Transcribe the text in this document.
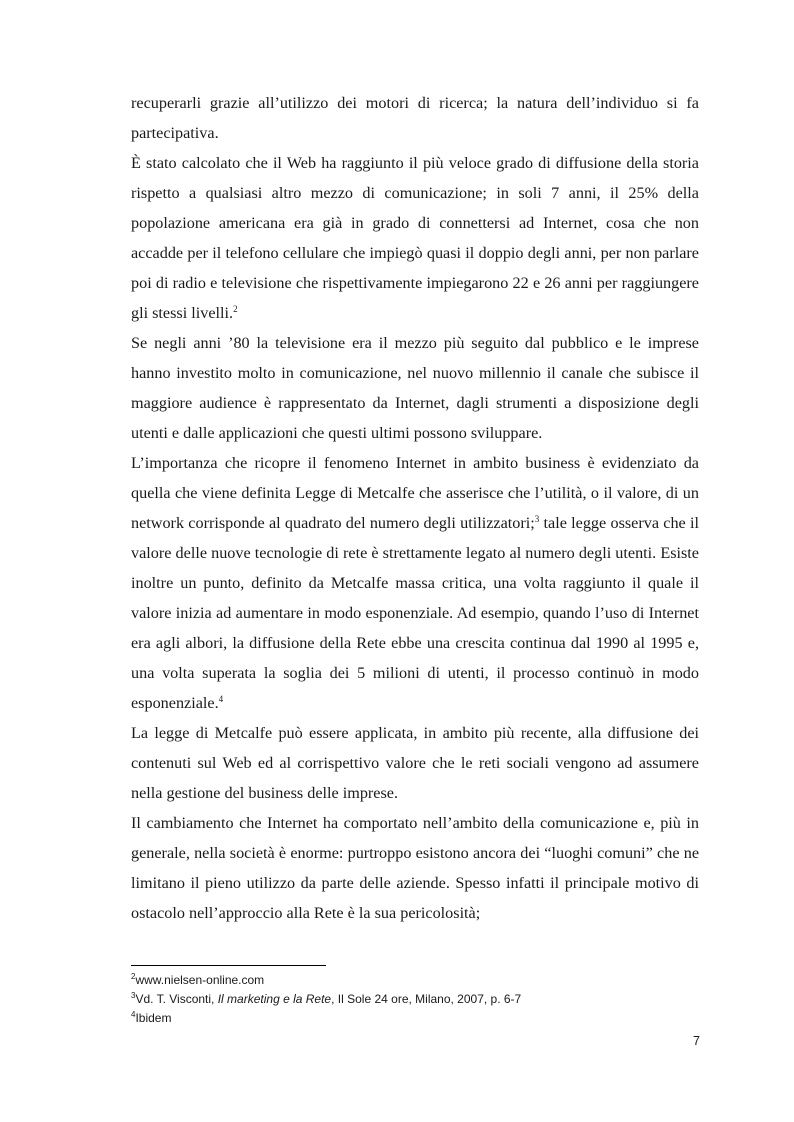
recuperarli grazie all’utilizzo dei motori di ricerca; la natura dell’individuo si fa partecipativa.

È stato calcolato che il Web ha raggiunto il più veloce grado di diffusione della storia rispetto a qualsiasi altro mezzo di comunicazione; in soli 7 anni, il 25% della popolazione americana era già in grado di connettersi ad Internet, cosa che non accadde per il telefono cellulare che impiegò quasi il doppio degli anni, per non parlare poi di radio e televisione che rispettivamente impiegarono 22 e 26 anni per raggiungere gli stessi livelli.$^2$

Se negli anni ’80 la televisione era il mezzo più seguito dal pubblico e le imprese hanno investito molto in comunicazione, nel nuovo millennio il canale che subisce il maggiore audience è rappresentato da Internet, dagli strumenti a disposizione degli utenti e dalle applicazioni che questi ultimi possono sviluppare.

L’importanza che ricopre il fenomeno Internet in ambito business è evidenziato da quella che viene definita Legge di Metcalfe che asserisce che l’utilità, o il valore, di un network corrisponde al quadrato del numero degli utilizzatori;$^3$ tale legge osserva che il valore delle nuove tecnologie di rete è strettamente legato al numero degli utenti. Esiste inoltre un punto, definito da Metcalfe massa critica, una volta raggiunto il quale il valore inizia ad aumentare in modo esponenziale. Ad esempio, quando l’uso di Internet era agli albori, la diffusione della Rete ebbe una crescita continua dal 1990 al 1995 e, una volta superata la soglia dei 5 milioni di utenti, il processo continuò in modo esponenziale.$^4$

La legge di Metcalfe può essere applicata, in ambito più recente, alla diffusione dei contenuti sul Web ed al corrispettivo valore che le reti sociali vengono ad assumere nella gestione del business delle imprese.

Il cambiamento che Internet ha comportato nell’ambito della comunicazione e, più in generale, nella società è enorme: purtroppo esistono ancora dei “luoghi comuni” che ne limitano il pieno utilizzo da parte delle aziende. Spesso infatti il principale motivo di ostacolo nell’approccio alla Rete è la sua pericolosità;

$^2$www.nielsen-online.com

$^3$Vd. T. Visconti, Il marketing e la Rete, Il Sole 24 ore, Milano, 2007, p. 6-7

$^4$Ibidem

7
